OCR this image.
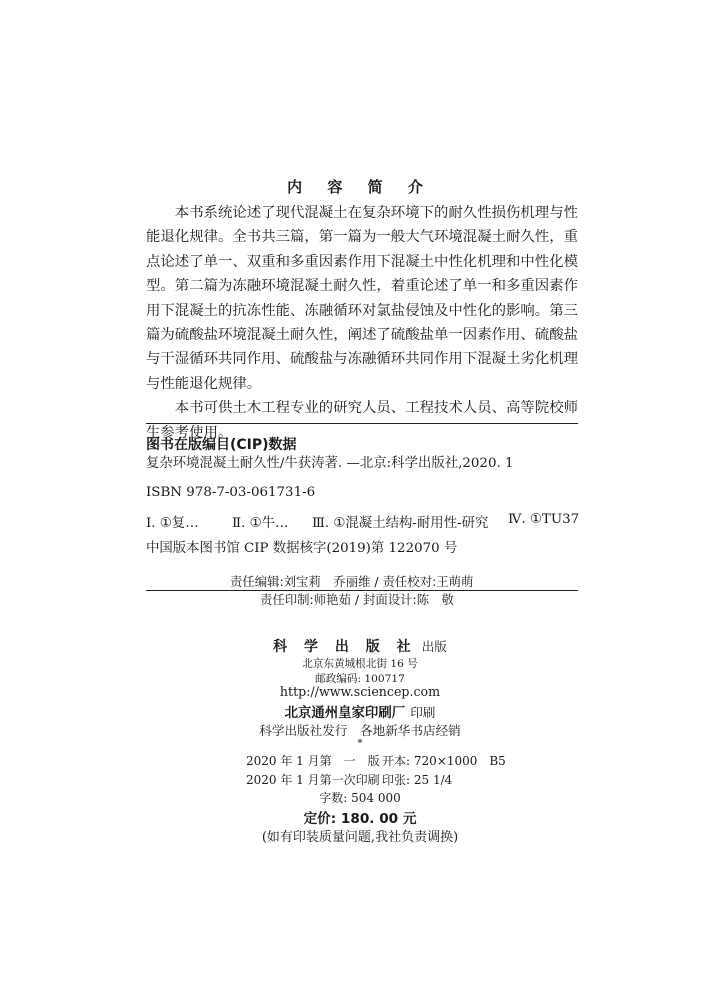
内 容 简 介

本书系统论述了现代混凝土在复杂环境下的耐久性损伤机理与性能退化规律。全书共三篇，第一篇为一般大气环境混凝土耐久性，重点论述了单一、双重和多重因素作用下混凝土中性化机理和中性化模型。第二篇为冻融环境混凝土耐久性，着重论述了单一和多重因素作用下混凝土的抗冻性能、冻融循环对氯盐侵蚀及中性化的影响。第三篇为硫酸盐环境混凝土耐久性，阐述了硫酸盐单一因素作用、硫酸盐与干湿循环共同作用、硫酸盐与冻融循环共同作用下混凝土劣化机理与性能退化规律。

本书可供土木工程专业的研究人员、工程技术人员、高等院校师生参考使用。

图书在版编目(CIP)数据
复杂环境混凝土耐久性/牛获涛著. —北京:科学出版社,2020. 1
ISBN 978-7-03-061731-6
Ⅰ. ①复… Ⅱ. ①牛… Ⅲ. ①混凝土结构-耐用性-研究 Ⅳ. ①TU37
中国版本图书馆 CIP 数据核字(2019)第 122070 号
责任编辑:刘宝莉　乔丽维 / 责任校对:王萌萌
责任印制:师艳茹 / 封面设计:陈　敬
科 学 出 版 社 出版
北京东黄城根北街 16 号
邮政编码: 100717
http://www.sciencep.com
北京通州皇家印刷厂 印刷
科学出版社发行　各地新华书店经销
*
2020 年 1 月第　一　版 开本: 720×1000　B5
2020 年 1 月第一次印刷 印张: 25 1/4
字数: 504 000
定价: 180. 00 元
(如有印装质量问题,我社负责调换)
